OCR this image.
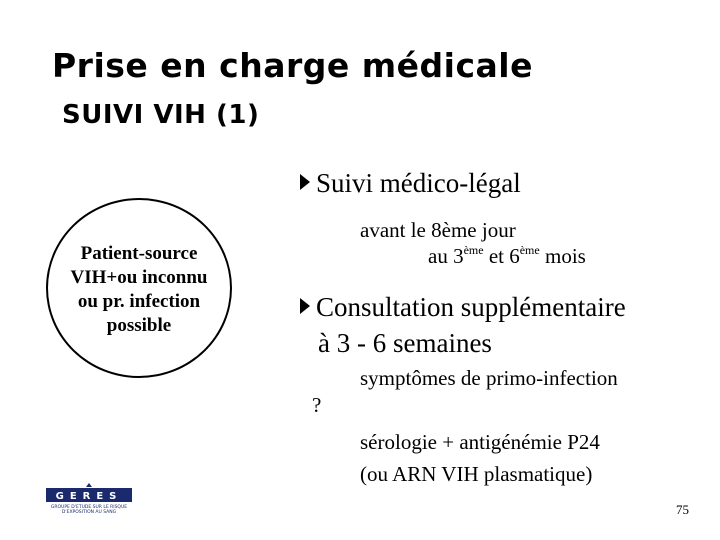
Prise en charge médicale
SUIVI VIH (1)
Patient-source
VIH+ou inconnu
ou pr. infection
possible
Suivi médico-légal
avant le 8ème jour
au 3ème et 6ème mois
Consultation supplémentaire
à 3 - 6 semaines
symptômes de primo-infection
?
sérologie + antigénémie P24
(ou ARN VIH plasmatique)
GERES
GROUPE D'ETUDE SUR LE RISQUE
D'EXPOSITION AU SANG	75
